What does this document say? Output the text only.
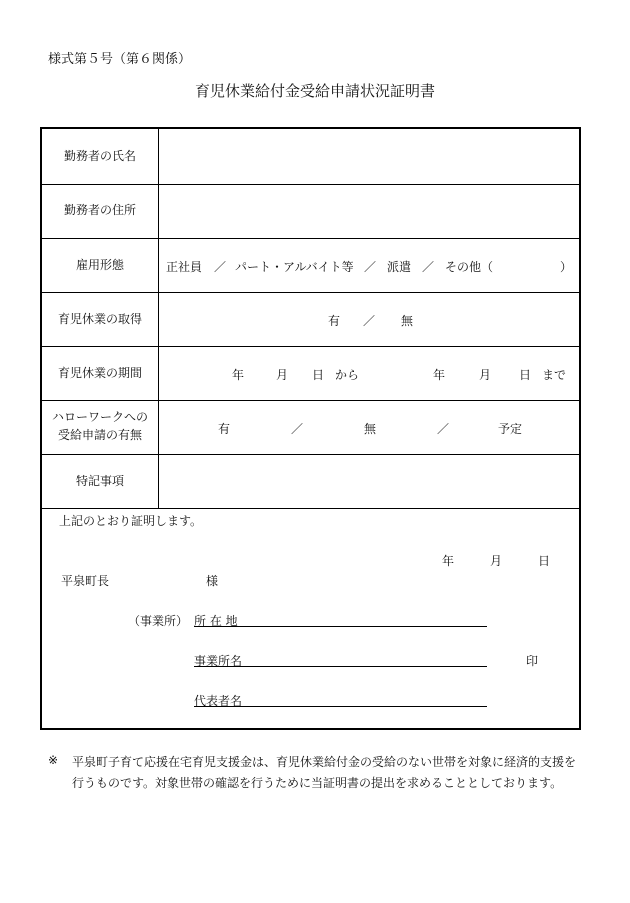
様式第５号（第６関係）
育児休業給付金受給申請状況証明書
勤務者の氏名
勤務者の住所
雇用形態	正社員 ／ パート・アルバイト等 ／ 派遣 ／ その他（	）
育児休業の取得	有 ／ 無
育児休業の期間	年	月 日 から	年	月 日 まで
ハローワークへの
受給申請の有無	有	／	無	／	予定
特記事項
上記のとおり証明します。
年	月	日
平泉町長	様
（事業所） 所 在 地
事業所名	印
代表者名
※ 平泉町子育て応援在宅育児支援金は、育児休業給付金の受給のない世帯を対象に経済的支援を
行うものです。対象世帯の確認を行うために当証明書の提出を求めることとしております。
